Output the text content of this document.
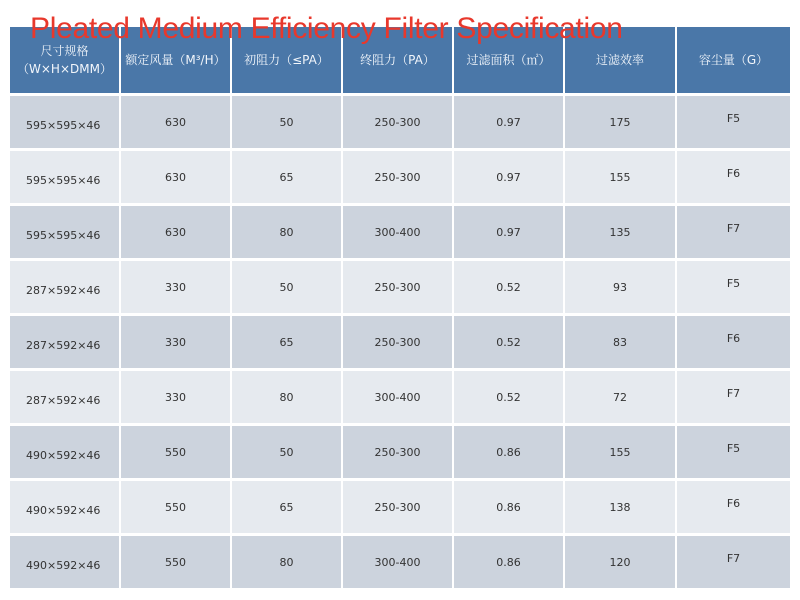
Pleated Medium Efficiency Filter Specification
尺寸规格
（W×H×DMM）	额定风量（M³/H）	初阻力（≤PA）	终阻力（PA）	过滤面积（㎡）	过滤效率	容尘量（G）
595×595×46	630	50	250-300	0.97	175	F5
595×595×46	630	65	250-300	0.97	155	F6
595×595×46	630	80	300-400	0.97	135	F7
287×592×46	330	50	250-300	0.52	93	F5
287×592×46	330	65	250-300	0.52	83	F6
287×592×46	330	80	300-400	0.52	72	F7
490×592×46	550	50	250-300	0.86	155	F5
490×592×46	550	65	250-300	0.86	138	F6
490×592×46	550	80	300-400	0.86	120	F7
